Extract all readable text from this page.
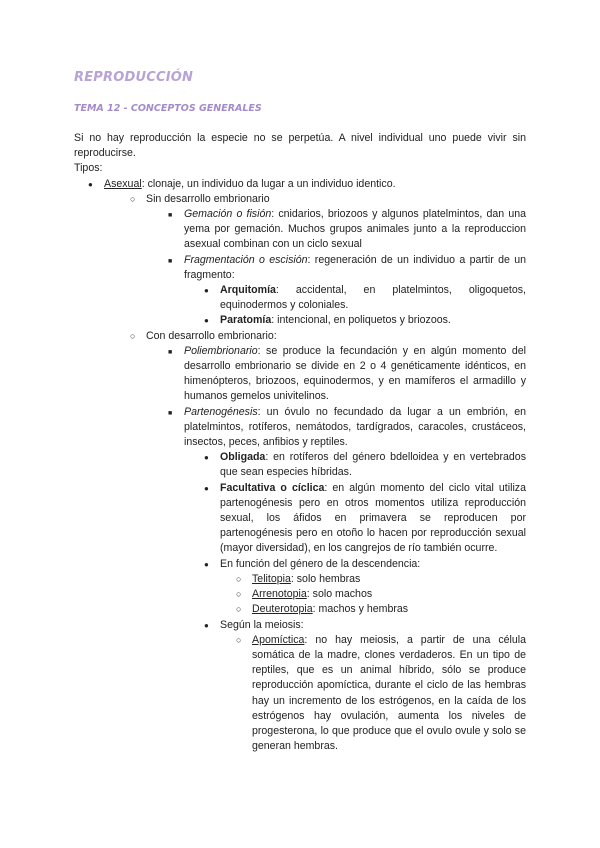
REPRODUCCIÓN
TEMA 12 - CONCEPTOS GENERALES

Si no hay reproducción la especie no se perpetúa. A nivel individual uno puede vivir sin reproducirse.

Tipos:

●
Asexual: clonaje, un individuo da lugar a un individuo identico.
○
Sin desarrollo embrionario
■
Gemación o fisión: cnidarios, briozoos y algunos platelmintos, dan una yema por gemación. Muchos grupos animales junto a la reproduccion asexual combinan con un ciclo sexual
■
Fragmentación o escisión: regeneración de un individuo a partir de un fragmento:
●
Arquitomía: accidental, en platelmintos, oligoquetos, equinodermos y coloniales.
●
Paratomía: intencional, en poliquetos y briozoos.
○
Con desarrollo embrionario:
■
Poliembrionario: se produce la fecundación y en algún momento del desarrollo embrionario se divide en 2 o 4 genéticamente idénticos, en himenópteros, briozoos, equinodermos, y en mamíferos el armadillo y humanos gemelos univitelinos.
■
Partenogénesis: un óvulo no fecundado da lugar a un embrión, en platelmintos, rotíferos, nemátodos, tardígrados, caracoles, crustáceos, insectos, peces, anfibios y reptiles.
●
Obligada: en rotíferos del género bdelloidea y en vertebrados que sean especies híbridas.
●
Facultativa o cíclica: en algún momento del ciclo vital utiliza partenogénesis pero en otros momentos utiliza reproducción sexual, los áfidos en primavera se reproducen por partenogénesis pero en otoño lo hacen por reproducción sexual (mayor diversidad), en los cangrejos de río también ocurre.
●
En función del género de la descendencia:
○
Telitopia: solo hembras
○
Arrenotopia: solo machos
○
Deuterotopia: machos y hembras
●
Según la meiosis:
○
Apomíctica: no hay meiosis, a partir de una célula somática de la madre, clones verdaderos. En un tipo de reptiles, que es un animal híbrido, sólo se produce reproducción apomíctica, durante el ciclo de las hembras hay un incremento de los estrógenos, en la caída de los estrógenos hay ovulación, aumenta los niveles de progesterona, lo que produce que el ovulo ovule y solo se generan hembras.
